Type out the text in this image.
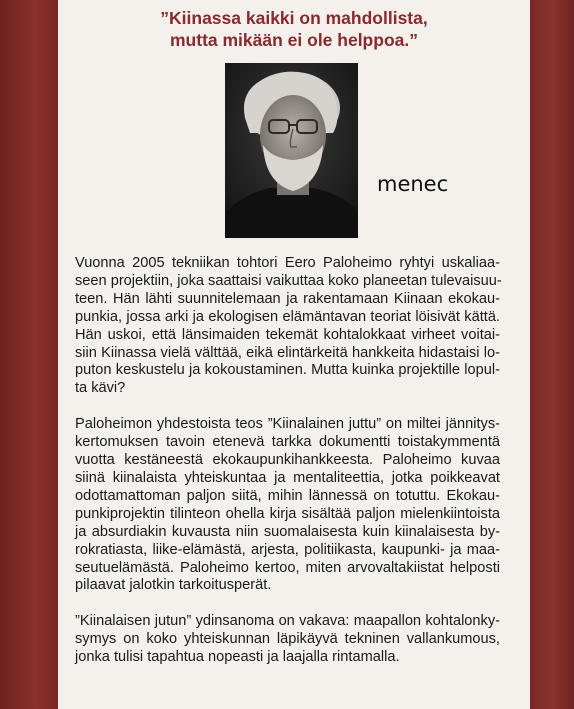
”Kiinassa kaikki on mahdollista,
mutta mikään ei ole helppoa.”
menec
Vuonna 2005 tekniikan tohtori Eero Paloheimo ryhtyi uskaliaa-
seen projektiin, joka saattaisi vaikuttaa koko planeetan tulevaisuu-
teen. Hän lähti suunnitelemaan ja rakentamaan Kiinaan ekokau-
punkia, jossa arki ja ekologisen elämäntavan teoriat löisivät kättä.
Hän uskoi, että länsimaiden tekemät kohtalokkaat virheet voitai-
siin Kiinassa vielä välttää, eikä elintärkeitä hankkeita hidastaisi lo-
puton keskustelu ja kokoustaminen. Mutta kuinka projektille lopul-
ta kävi?
Paloheimon yhdestoista teos ”Kiinalainen juttu” on miltei jännitys-
kertomuksen tavoin etenevä tarkka dokumentti toistakymmentä
vuotta kestäneestä ekokaupunkihankkeesta. Paloheimo kuvaa
siinä kiinalaista yhteiskuntaa ja mentaliteettia, jotka poikkeavat
odottamattoman paljon siitä, mihin lännessä on totuttu. Ekokau-
punkiprojektin tilinteon ohella kirja sisältää paljon mielenkiintoista
ja absurdiakin kuvausta niin suomalaisesta kuin kiinalaisesta by-
rokratiasta, liike-elämästä, arjesta, politiikasta, kaupunki- ja maa-
seutuelämästä. Paloheimo kertoo, miten arvovaltakiistat helposti
pilaavat jalotkin tarkoitusperät.
”Kiinalaisen jutun” ydinsanoma on vakava: maapallon kohtalonky-
symys on koko yhteiskunnan läpikäyvä tekninen vallankumous,
jonka tulisi tapahtua nopeasti ja laajalla rintamalla.
